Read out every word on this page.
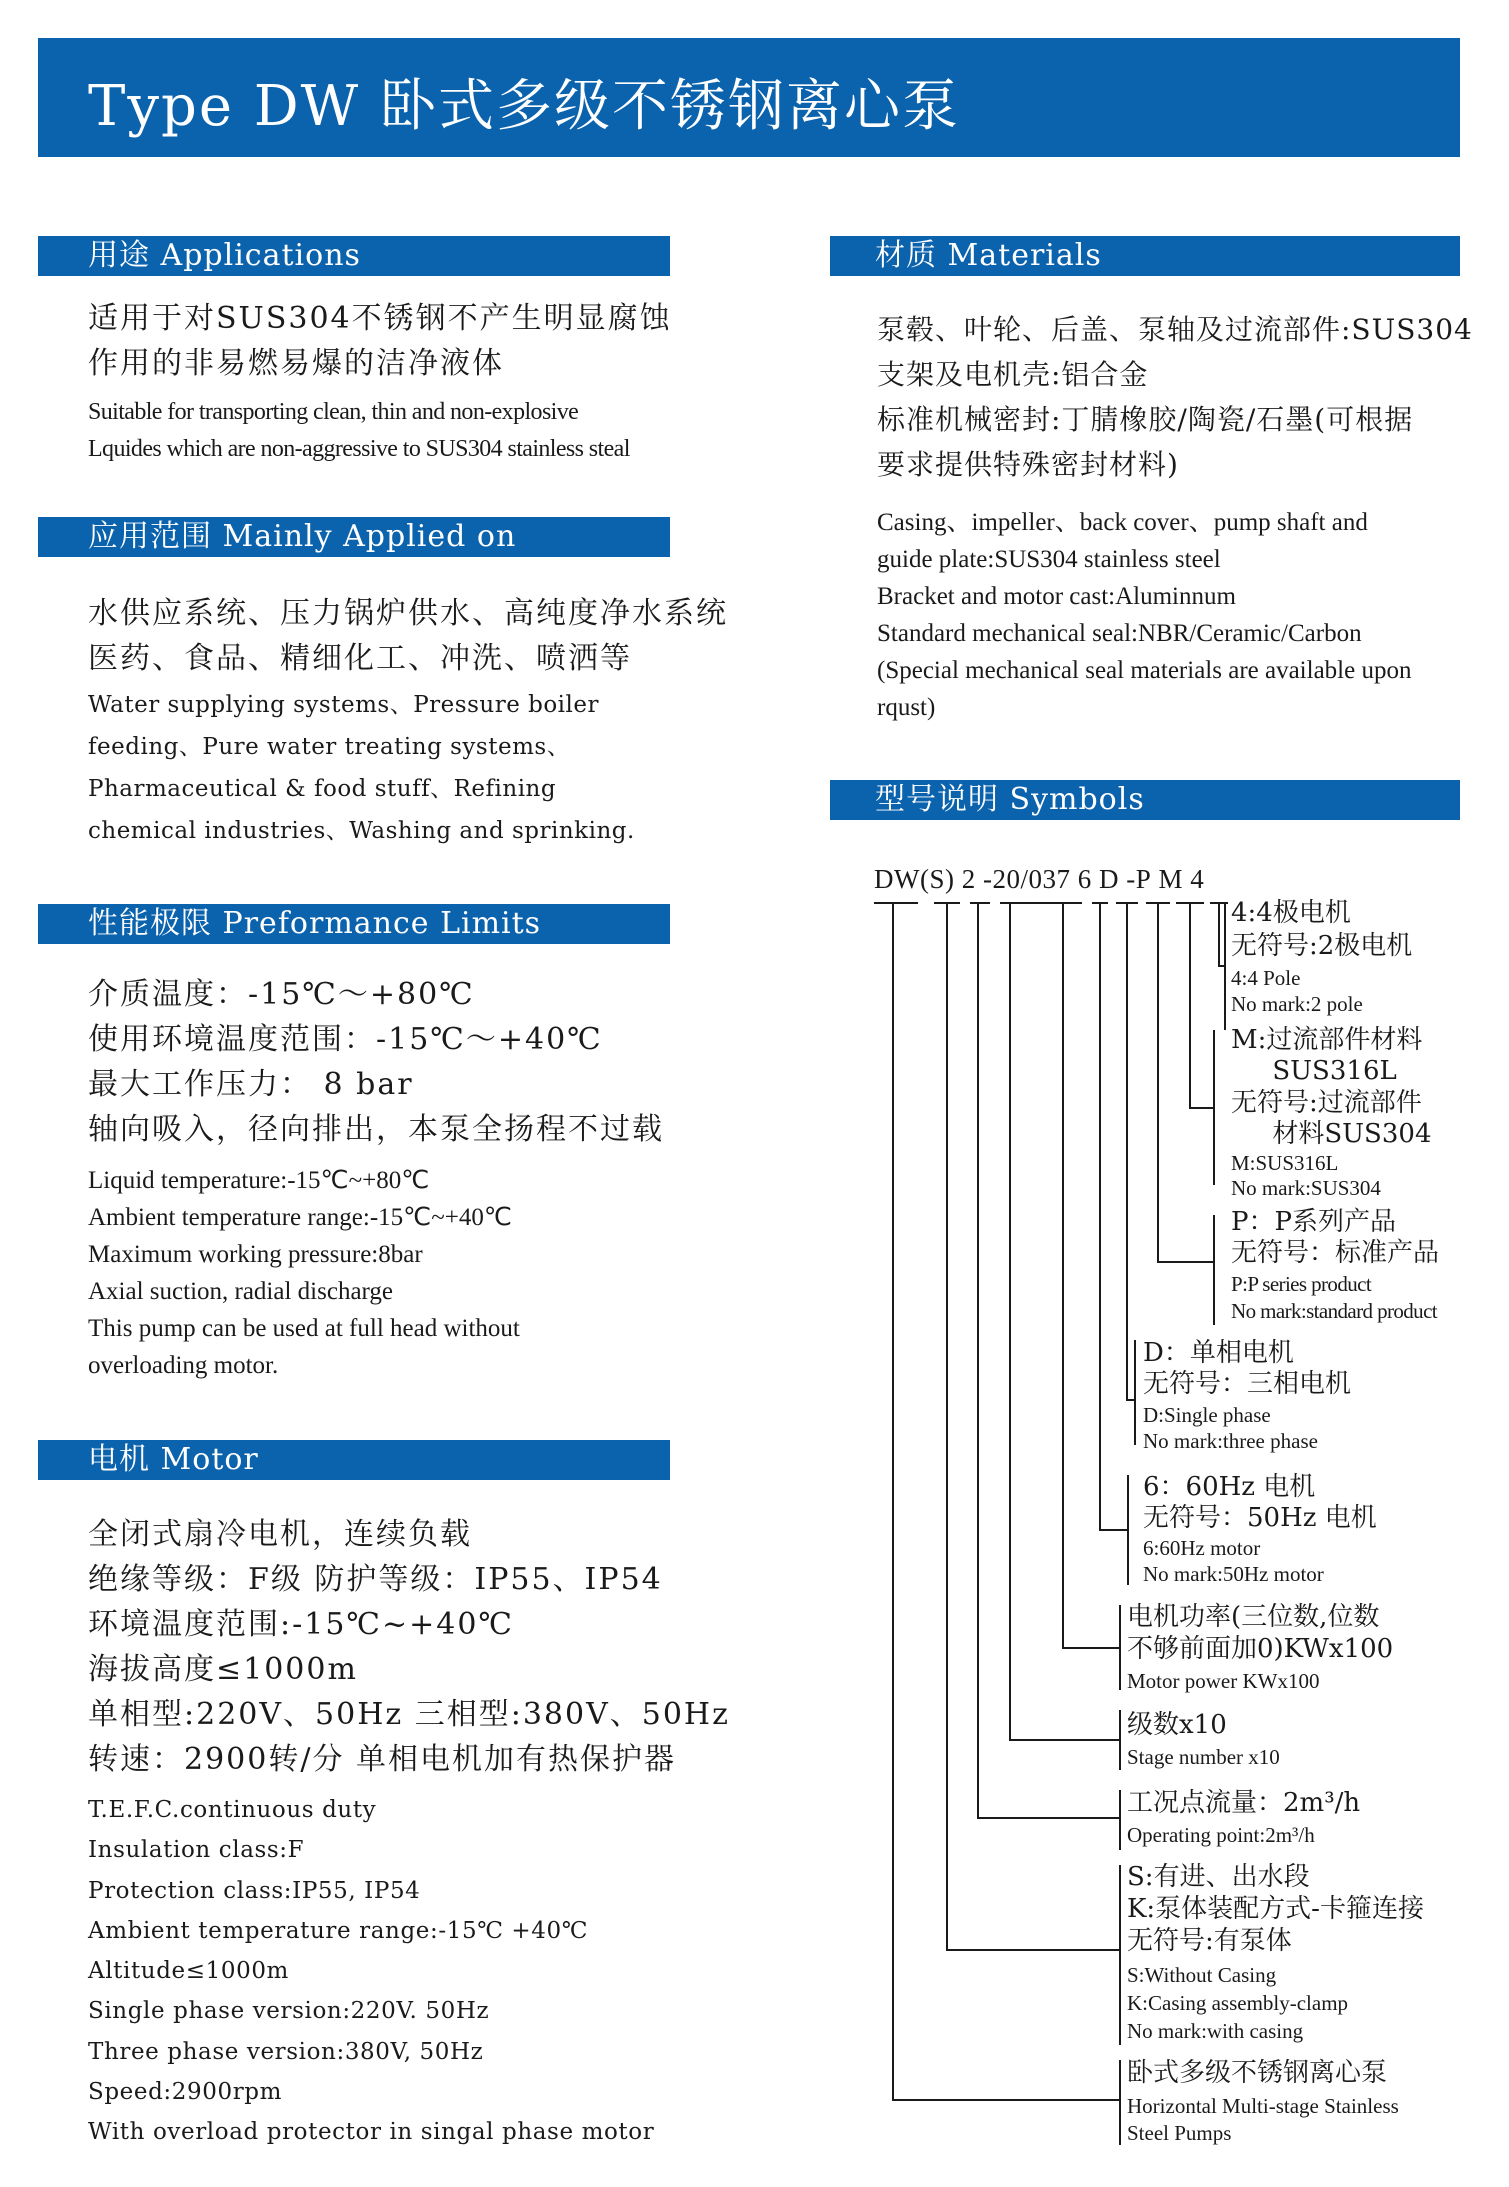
Type DW 卧式多级不锈钢离心泵
用途 Applications
适用于对SUS304不锈钢不产生明显腐蚀
作用的非易燃易爆的洁净液体
Suitable for transporting clean, thin and non-explosive
Lquides which are non-aggressive to SUS304 stainless steal
应用范围 Mainly Applied on
水供应系统、压力锅炉供水、高纯度净水系统
医药、食品、精细化工、冲洗、喷洒等
Water supplying systems、Pressure boiler
feeding、Pure water treating systems、
Pharmaceutical & food stuff、Refining
chemical industries、Washing and sprinking.
性能极限 Preformance Limits
介质温度：-15℃～+80℃
使用环境温度范围：-15℃～+40℃
最大工作压力： 8 bar
轴向吸入，径向排出，本泵全扬程不过载
Liquid temperature:-15℃~+80℃
Ambient temperature range:-15℃~+40℃
Maximum working pressure:8bar
Axial suction, radial discharge
This pump can be used at full head without
overloading motor.
电机 Motor
全闭式扇冷电机，连续负载
绝缘等级：F级 防护等级：IP55、IP54
环境温度范围:-15℃~+40℃
海拔高度≤1000m
单相型:220V、50Hz 三相型:380V、50Hz
转速：2900转/分 单相电机加有热保护器
T.E.F.C.continuous duty
Insulation class:F
Protection class:IP55, IP54
Ambient temperature range:-15℃ +40℃
Altitude≤1000m
Single phase version:220V. 50Hz
Three phase version:380V, 50Hz
Speed:2900rpm
With overload protector in singal phase motor
材质 Materials
泵毂、叶轮、后盖、泵轴及过流部件:SUS304
支架及电机壳:铝合金
标准机械密封:丁腈橡胶/陶瓷/石墨(可根据
要求提供特殊密封材料)
Casing、impeller、back cover、pump shaft and
guide plate:SUS304 stainless steel
Bracket and motor cast:Aluminnum
Standard mechanical seal:NBR/Ceramic/Carbon
(Special mechanical seal materials are available upon
rqust)
型号说明 Symbols
DW(S) 2 -20/037 6 D -P M 4
4:4极电机
无符号:2极电机
4:4 Pole
No mark:2 pole
M:过流部件材料
SUS316L
无符号:过流部件
材料SUS304
M:SUS316L
No mark:SUS304
P：P系列产品
无符号：标准产品
P:P series product
No mark:standard product
D：单相电机
无符号：三相电机
D:Single phase
No mark:three phase
6：60Hz 电机
无符号：50Hz 电机
6:60Hz motor
No mark:50Hz motor
电机功率(三位数,位数
不够前面加0)KWx100
Motor power KWx100
级数x10
Stage number x10
工况点流量：2m³/h
Operating point:2m³/h
S:有进、出水段
K:泵体装配方式-卡箍连接
无符号:有泵体
S:Without Casing
K:Casing assembly-clamp
No mark:with casing
卧式多级不锈钢离心泵
Horizontal Multi-stage Stainless
Steel Pumps
